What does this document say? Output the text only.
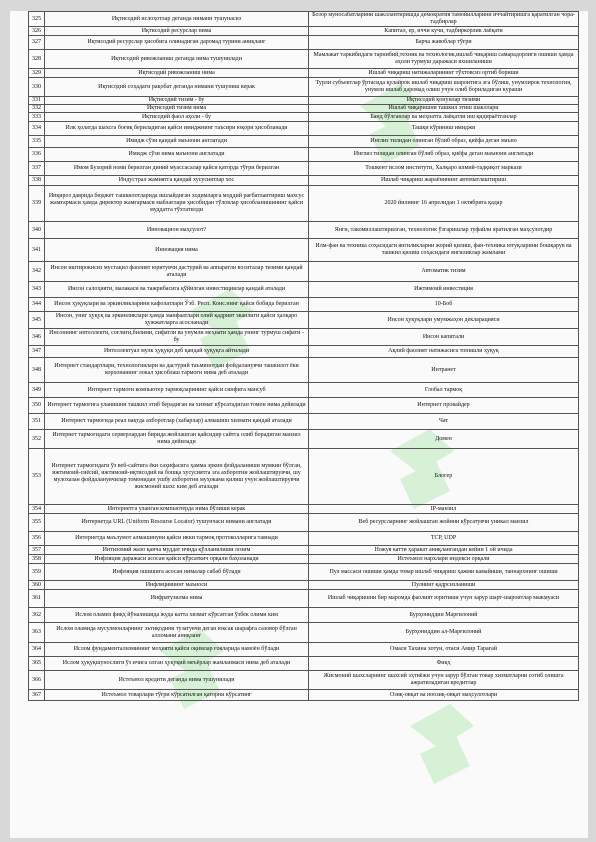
325	Иқтисодий иcлоҳотлар деганда нимани тушунасиз	Бозор муносабатларини шакллантиришда демократия тамойилларини иччайтиришга қаратилган чора-тадбирлар
326	Иқтисодий ресурслар нима	Капитал, ер, иччи кучи, тадбиркорлик лаёқати
327	Иқтисодий ресурслар ҳисобига олинадиган даромад турини аниқланг	Барча жавоблар тўғри
328	Иқтисодий ривожланиш деганда нима тушунилади	Мамлакат таркибидаги тарнибий,техник ва технологик,ишлаб чиқариш самарадорлиги ошиши ҳамда аҳоли турмуш даражаси яхшиланиши
329	Иқтисодий ривожланиш нима	Ишлаб чиқариш натижаларининг тўхтовсиз ортиб бориши
330	Иқтисодий соҳадаги рақобат деганда нимани тушуниш керак	Турли субъектлар ўртасида қулайрок ишлаб чиқариш шароитига эга бўлиш, унумлирок технология, унумли ишлаб даромад олиш учун олиб бориладиган кураши
331	Иқтисодий тизим - бу	Иқтисодий қонунлар тизими
332	Иқтисодий тизим нима	Ишлаб чиқаришни ташкил этиш шакллари
333	Иқтисодий фаол аҳоли - бу	Банд бўлганлар ва меҳнатга лаёқатли иш қидираётганлар
334	Илк ҳолатда шахсга боғиқ бериладиган қайси имиджнинг таъсири юқори ҳисобланади	Ташқи кўриниш имиджи
335	Имидж сўзи қандай маънони англатади	Инглиз тилидан олинган бўлиб образ, қиёфа деган маъно
336	Имидж сўзи нима маънони англатади	Инглиз тилидан олинган бўлиб образ, қиёфа деган маънони англатади
337	Имом Бухорий номи берилган диний муассасалар қайси қаторда тўғри берилган	Тошкент ислом институти, Халқаро илмий-тадқиқот маркази
338	Индустрал жамиятга қандай хусусиятлар хос	Ишлаб чиқариш жараёнининг автоматлаштириш
339	Инқироз даврида бюджет ташкилотларида ишлайдиган ходимларга моддий рағбатлантириш махсус жамғармаси ҳамда директор жамғармаси маблағлари ҳисобидан тўловлар ҳисобланишининг қайси муддатга тўхтатилди	2020 йилнинг 16 апрелидан 1 октябрига қадар
340	Инновацион маҳсулот?	Янги, такомиллаштирилган, технологик ўзгаришлар туфайли яратилган маҳсулотдир
341	Инновация нима	Илм-фан ва техника соҳасидаги янгиликларни жорий қилиш, фан-техника ютуқларини бошқарув ва ташкил қилиш соҳасидаги янгиликлар жамлами
342	Инсон иштирокисиз мустақил фаолият юритувчи дастурий ва аппаратли воситалар тизими қандай аталади	Автоматик тизим
343	Инсон салоҳияти, малакаси ва тажрибасига қўйилган инвестициялар қандай аталади	Ижтимоий инвестиция
344	Инсон ҳуқуқлари ва эркинликларини кафолатлари Ўзб. Респ. Конс.нинг қайси бобида берилган	10-Боб
345	Инсон, униг ҳуқуқ ва эркинликлари ҳамда манфаатлари олий қадрият эканлиги қайси ҳалқаро ҳужжатларга асосланади	Инсон ҳуқуқлари умумжаҳон декларацияси
346	Инсоннинг интеллекти, соғлиғи,билими, сифатли ва унумли меҳнати ҳамда унинг турмуш сифати - бу	Инсон капитали
347	Интеллектуал мулк ҳуқуқи деб қандай ҳуқуқга айтилади	Ақлий фаолият натижасига топишли ҳуқуқ
348	Интернет стандартлари, технологиялари ва дастурий таъминотдан фойдаланувчи ташкилот ёки корхонанинг локал ҳисоблаш тармоғи нима деб аталади	Интранет
349	Интернет тармоғи компьютер тармоқларининг қайси синфига мансуб	Глобал тармоқ
350	Интернет тармоғига уланишни ташкил этиб берадиган ва хизмат кўрсатадиган томон нима дейилади	Интернет провайдер
351	Интернет тармоғида реал вақтда ахборотлар (хабарлар) алмашиш хизмати қандай аталади	Чат
352	Интернет тармоғидаги серверлардан бирида жойлашган қайсидир сайтга олиб борадиган манзил нима дейилади	Домен
353	Интернет тармоғидаги ўз веб-сайтига ёки саҳифасига ҳамма эркин фойдаланиши мумкин бўлган, ижтимоий-сиёсий, ижтимоий-иқтисодий ва бошқа хусусиятга эга ахборотни жойлаштирувчи, шу мулохазан фойдаланувчилар томонидан ушбу ахборотни муҳокама қилиш учун жойлаштирувчи жисмоний шахс ким деб аталади	Блогер
354	Интернетга уланган компьютерда нима бўлиши керак	IP-манзил
355	Интернетда URL (Uniform Resourse Locator) тушунчаси нимани англатади	Веб ресурсларнинг жойлашган жойини кўрсатувчи уникал манзил
356	Интернетда маълумот алмашинуви қайси икки тармоқ протоколларига таянади	TCP, UDP
357	Интизомий жазо қанча муддат ичида қўлланилиши лозим	Ножуя катти ҳаракат аниқлангандан кейин 1 ой ичида
358	Инфляция даражаси асосан қайси кўрсаткич орқали баҳоланади	Истеъмол нархлари индекси орқали
359	Инфляция ошишига асосан нималар сабаб бўлади	Пул массаси ошиши ҳамда товар ишлаб чиқариш ҳажми камайиши, таннархнинг ошиши
360	Инфляциянинг маъноси	Пулнинг қадрсизланиши
361	Инфратузилма нима	Ишлаб чиқаришни бир маромда фаолият юритиши учун зарур шарт-шароитлар мажмуаси
362	Ислом оламиз фиқҳ йўналишида жуда катта хизмат кўрсатган ўзбек олими ким	Бурҳониддин Марғилоний
363	Ислом оламида мусулмонларнинг эътиқодини тузатувчи деган юксак шарафга сазовор бўлган алломани аниқланг	Бурҳониддин ал-Марғилоний
364	Ислом фундаментализмининг моҳияти қайси оқимлар ғояларида намоён бўлади	Омаси Тахина хотун, отаси Амир Тарағай
365	Ислом ҳуқуқшунослиги ўз ичига олган ҳуқуқий меъёрлар жамланмаси нима деб аталади	Фиқҳ
366	Истеъмол кредити деганда нима тушунилади	Жисмоний шахсларнинг шахсий эҳтиёжи учун зарур бўлган товар хизматларни сотиб олишга ажратиладиган кредитлар
367	Истеъмол товарлари тўғри кўрсатилган қаторни кўрсатинг	Озиқ-овқат ва ноозиқ-овқат маҳсулотлари
